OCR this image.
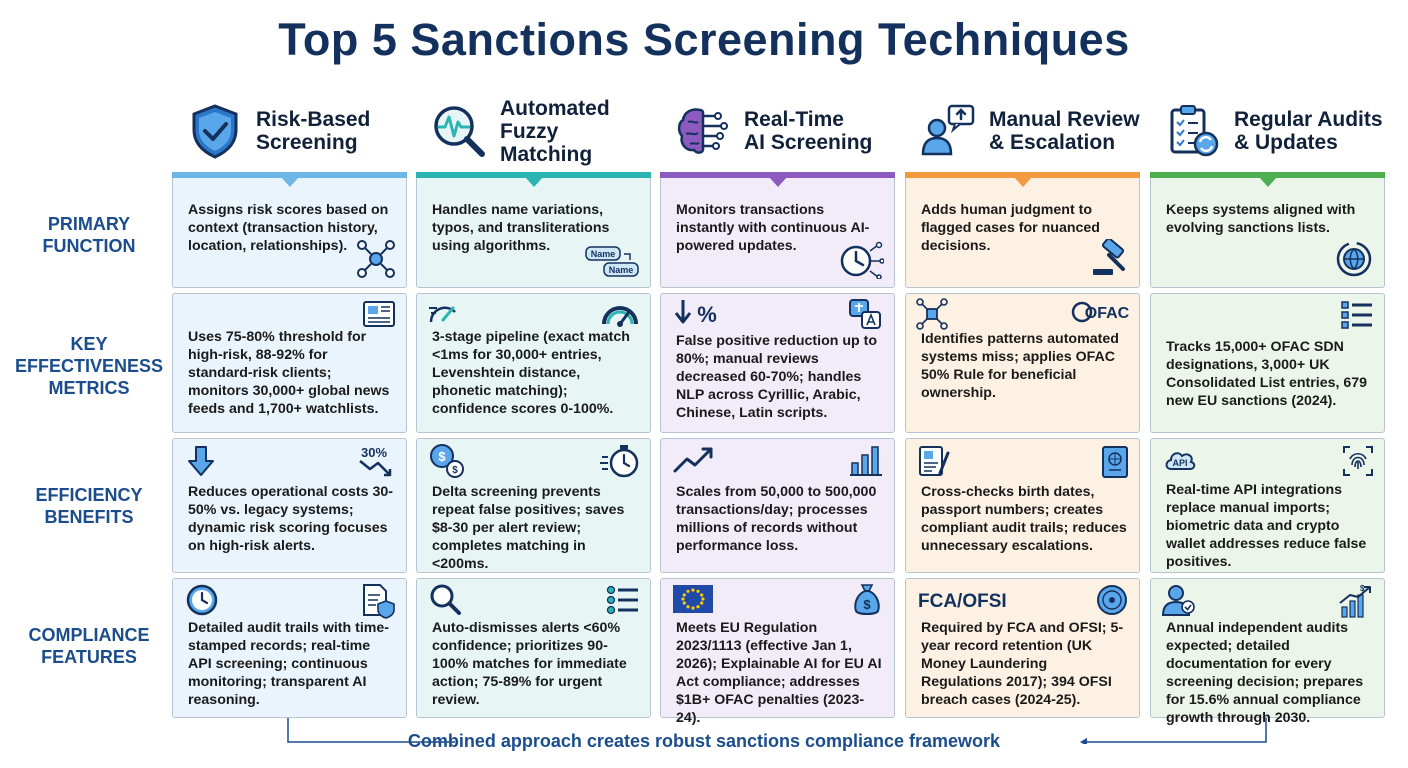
Top 5 Sanctions Screening Techniques
Risk-Based
Screening
Automated
Fuzzy Matching
Real-Time
AI Screening
Manual Review
& Escalation
Regular Audits
& Updates
PRIMARY
FUNCTION
KEY
EFFECTIVENESS
METRICS
EFFICIENCY
BENEFITS
COMPLIANCE
FEATURES
Assigns risk scores based on context (transaction history, location, relationships).
Handles name variations, typos, and transliterations using algorithms.	Name
Name
Monitors transactions instantly with continuous AI-powered updates.
Adds human judgment to flagged cases for nuanced decisions.
Keeps systems aligned with evolving sanctions lists.
Uses 75-80% threshold for high-risk, 88-92% for standard-risk clients; monitors 30,000+ global news feeds and 1,700+ watchlists.
3-stage pipeline (exact match <1ms for 30,000+ entries, Levenshtein distance, phonetic matching); confidence scores 0-100%.
False positive reduction up to 80%; manual reviews decreased 60-70%; handles NLP across Cyrillic, Arabic, Chinese, Latin scripts.
%
Identifies patterns automated systems miss; applies OFAC 50% Rule for beneficial ownership.
OFAC
Tracks 15,000+ OFAC SDN designations, 3,000+ UK Consolidated List entries, 679 new EU sanctions (2024).
Reduces operational costs 30-50% vs. legacy systems; dynamic risk scoring focuses on high-risk alerts.
30%
Delta screening prevents repeat false positives; saves $8-30 per alert review; completes matching in <200ms.
$
$
Scales from 50,000 to 500,000 transactions/day; processes millions of records without performance loss.
Cross-checks birth dates, passport numbers; creates compliant audit trails; reduces unnecessary escalations.
Real-time API integrations replace manual imports; biometric data and crypto wallet addresses reduce false positives.
API
Detailed audit trails with time-stamped records; real-time API screening; continuous monitoring; transparent AI reasoning.
Auto-dismisses alerts <60% confidence; prioritizes 90-100% matches for immediate action; 75-89% for urgent review.
Meets EU Regulation 2023/1113 (effective Jan 1, 2026); Explainable AI for EU AI Act compliance; addresses $1B+ OFAC penalties (2023-24).
$
Required by FCA and OFSI; 5-year record retention (UK Money Laundering Regulations 2017); 394 OFSI breach cases (2024-25).
FCA/OFSI
Annual independent audits expected; detailed documentation for every screening decision; prepares for 15.6% annual compliance growth through 2030.
$
Combined approach creates robust sanctions compliance framework
